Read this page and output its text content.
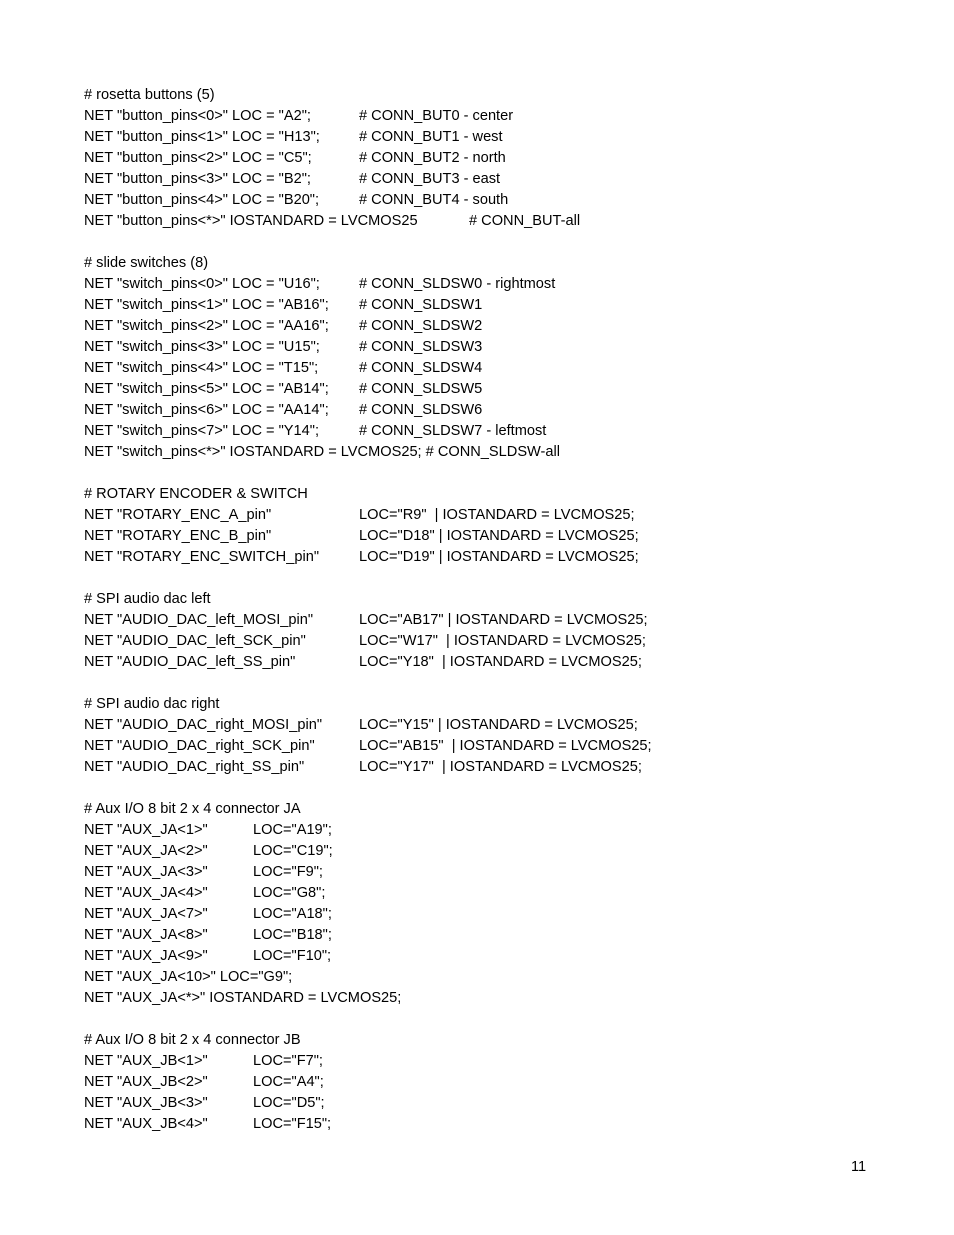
# rosetta buttons (5)
NET "button_pins<0>" LOC = "A2";	# CONN_BUT0 - center
NET "button_pins<1>" LOC = "H13";	# CONN_BUT1 - west
NET "button_pins<2>" LOC = "C5";	# CONN_BUT2 - north
NET "button_pins<3>" LOC = "B2";	# CONN_BUT3 - east
NET "button_pins<4>" LOC = "B20";	# CONN_BUT4 - south
NET "button_pins<*>" IOSTANDARD = LVCMOS25	# CONN_BUT-all
# slide switches (8)
NET "switch_pins<0>" LOC = "U16";	# CONN_SLDSW0 - rightmost
NET "switch_pins<1>" LOC = "AB16"; # CONN_SLDSW1
NET "switch_pins<2>" LOC = "AA16"; # CONN_SLDSW2
NET "switch_pins<3>" LOC = "U15";	# CONN_SLDSW3
NET "switch_pins<4>" LOC = "T15";	# CONN_SLDSW4
NET "switch_pins<5>" LOC = "AB14"; # CONN_SLDSW5
NET "switch_pins<6>" LOC = "AA14"; # CONN_SLDSW6
NET "switch_pins<7>" LOC = "Y14";	# CONN_SLDSW7 - leftmost
NET "switch_pins<*>" IOSTANDARD = LVCMOS25; # CONN_SLDSW-all
# ROTARY ENCODER & SWITCH
NET "ROTARY_ENC_A_pin"	LOC="R9"  | IOSTANDARD = LVCMOS25;
NET "ROTARY_ENC_B_pin"	LOC="D18" | IOSTANDARD = LVCMOS25;
NET "ROTARY_ENC_SWITCH_pin"	LOC="D19" | IOSTANDARD = LVCMOS25;
# SPI audio dac left
NET "AUDIO_DAC_left_MOSI_pin"	LOC="AB17" | IOSTANDARD = LVCMOS25;
NET "AUDIO_DAC_left_SCK_pin"	LOC="W17"  | IOSTANDARD = LVCMOS25;
NET "AUDIO_DAC_left_SS_pin"	LOC="Y18"  | IOSTANDARD = LVCMOS25;
# SPI audio dac right
NET "AUDIO_DAC_right_MOSI_pin"	LOC="Y15" | IOSTANDARD = LVCMOS25;
NET "AUDIO_DAC_right_SCK_pin"	LOC="AB15"  | IOSTANDARD = LVCMOS25;
NET "AUDIO_DAC_right_SS_pin"	LOC="Y17"  | IOSTANDARD = LVCMOS25;
# Aux I/O 8 bit 2 x 4 connector JA
NET "AUX_JA<1>"	LOC="A19";
NET "AUX_JA<2>"	LOC="C19";
NET "AUX_JA<3>"	LOC="F9";
NET "AUX_JA<4>"	LOC="G8";
NET "AUX_JA<7>"	LOC="A18";
NET "AUX_JA<8>"	LOC="B18";
NET "AUX_JA<9>"	LOC="F10";
NET "AUX_JA<10>" LOC="G9";
NET "AUX_JA<*>" IOSTANDARD = LVCMOS25;
# Aux I/O 8 bit 2 x 4 connector JB
NET "AUX_JB<1>"	LOC="F7";
NET "AUX_JB<2>"	LOC="A4";
NET "AUX_JB<3>"	LOC="D5";
NET "AUX_JB<4>"	LOC="F15";
11
